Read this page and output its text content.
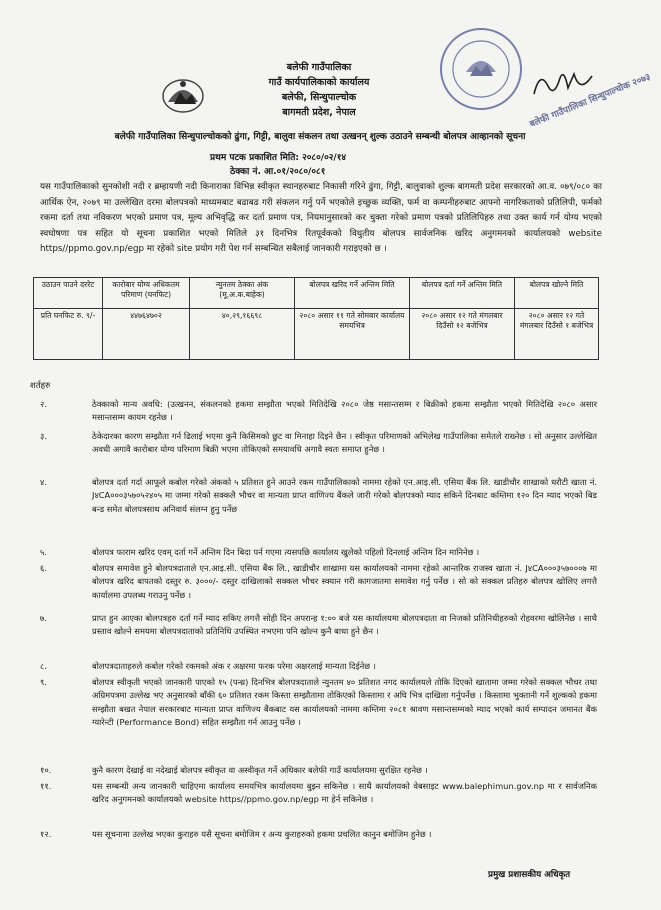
बलेफी गाउँपालिका सिन्धुपाल्चोक २०७३
बलेफी गाउँपालिका
गाउँ कार्यपालिकाको कार्यालय
बलेफी, सिन्धुपाल्चोक
बागमती प्रदेश, नेपाल
बलेफी गाउँपालिका सिन्धुपाल्चोकको ढुंगा, गिट्टी, बालुवा संकलन तथा उत्खनन् शुल्क उठाउने सम्बन्धी बोलपत्र आव्हानको सूचना
प्रथम पटक प्रकाशित मिति: २०८०/०२/१४
ठेक्का नं. आ.०१/२०८०/०८१
यस गाउँपालिकाको सुनकोशी नदी र ब्रम्हायणी नदी किनाराका विभिन्न स्वीकृत स्थानहरुबाट निकासी गरिने ढुंगा, गिट्टी, बालुवाको शुल्क बागमती प्रदेश सरकारको आ.व. ०७९/०८० का आर्थिक ऐन, २०७९ मा उल्लेखित दरमा बोलपत्रको माध्यमबाट बढाबढ गरी संकलन गर्नु पर्ने भएकोले इच्छुक व्यक्ति, फर्म वा कम्पनीहरुबाट आफ्नो नागरिकताको प्रतिलिपी, फर्मको रकमा दर्ता तथा नविकरण भएको प्रमाण पत्र, मूल्य अभिवृद्धि कर दर्ता प्रमाण पत्र, नियमानुसारको कर चुक्ता गरेको प्रमाण पत्रको प्रतिलिपिहरु तथा उक्त कार्य गर्न योग्य भएको स्वघोषणा पत्र सहित यो सूचना प्रकाशित भएको मितिले ३१ दिनभित्र रितपूर्वकको विधुतीय बोलपत्र सार्वजनिक खरिद अनुगमनको कार्यालयको website https//ppmo.gov.np/egp मा रहेको site प्रयोग गरी पेश गर्न सम्बन्धित सबैलाई जानकारी गराइएको छ ।
उठाउन पाउने दररेट	कारोबार योग्य अधिकतम परिमाण (घनफिट)	न्युनतम ठेक्का अंक (मू.अ.क.बाहेक)	बोलपत्र खरिद गर्ने अन्तिम मिति	बोलपत्र दर्ता गर्ने अन्तिम मिति	बोलपत्र खोल्ने मिति
प्रति घनफिट रु. ९/-	४४७६४७०२	४०,२९,१६६९८	२०८० असार ११ गते सोमबार कार्यालय समयभित्र	२०८० असार १२ गते मंगलबार दिउँसो १२ बजेभित्र	२०८० असार १२ गते मंगलबार दिउँसो १ बजेभित्र
शर्तहरु
२.	ठेक्काको मान्य अवधि: (उत्खनन, संकलनको हकमा सम्झौता भएको मितिदेखि २०८० जेष्ठ मसान्तसम्म र बिक्रीको हकमा सम्झौता भएको मितिदेखि २०८० असार मसान्तसम्म कायम रहनेछ ।
३.	ठेकेदारका कारण सम्झौता गर्न ढिलाई भएमा कुनै किसिमको छुट वा मिनाहा दिइने छैन । स्वीकृत परिमाणको अभिलेख गाउँपालिका समेतले राख्नेछ । सो अनुसार उल्लेखित अवधी अगावै कारोबार योग्य परिमाण बिक्री भएमा तोकिएको समयावधि अगावै स्वतः समाप्त हुनेछ ।
४.	बोलपत्र दर्ता गर्दा आफूले कबोल गरेको अंकको ५ प्रतिशत हुने आउने रकम गाउँपालिकाको नाममा रहेको एन.आइ.सी. एसिया बैंक लि. खाडीचौर शाखाको धरौटी खाता नं. J४CA०००३५७०५२४०५ मा जम्मा गरेको सक्कलै भौचर वा मान्यता प्राप्त वाणिज्य बैंकले जारी गरेको बोलपत्रको म्याद सकिने दिनबाट कम्तिमा १२० दिन म्याद भएको बिड बन्ड समेत बोलपत्रसाथ अनिवार्य संलग्न हुनु पर्नेछ
५.	बोलपत्र फाराम खरिद एवम् दर्ता गर्ने अन्तिम दिन बिदा पर्न गएमा त्यसपछि कार्यालय खुलेको पहिलो दिनलाई अन्तिम दिन मानिनेछ ।
६.	बोलपत्र समावेश हुने बोलपत्रदाताले एन.आइ.सी. एसिया बैंक लि., खाडीचौर शाखामा यस कार्यालयको नाममा रहेको आन्तरिक राजस्व खाता नं. J४CA०००३५७०००७ मा बोलपत्र खरिद बापतको दस्तुर रु. ३०००/- दस्तुर दाखिलाको सक्कल भौचर स्क्यान गरी कागजातमा समावेश गर्नु पर्नेछ । सो को सक्कल प्रतिहरु बोलपत्र खोलिए लगत्तै कार्यालमा उपलब्ध गराउनु पर्नेछ ।
७.	प्राप्त हुन आएका बोलपत्रहरु दर्ता गर्ने म्याद सकिए लगत्तै सोही दिन अपरान्ह १:०० बजे यस कार्यालयमा बोलपत्रदाता वा निजको प्रतिनिधीहरुको रोहवरमा खोलिनेछ । साथै प्रस्ताव खोल्ने समयमा बोलपत्रदाताको प्रतिनिधि उपस्थित नभएमा पनि खोल्न कुनै बाधा हुने छैन ।
८.	बोलपत्रदाताहरुले कबोल गरेको रकमको अंक र अक्षरमा फरक परेमा अक्षरलाई मान्यता दिईनेछ ।
९.	बोलपत्र स्वीकृती भएको जानकारी पाएको १५ (पन्ध्र) दिनभित्र बोलपत्रदाताले न्युनतम ४० प्रतिशत नगद कार्यालयले तोकि दिएको खातामा जम्मा गरेको सक्कल भौचर तथा अग्रिमपत्रमा उल्लेख भए अनुसारको बाँकी ६० प्रतिशत रकम किस्ता सम्झौतामा तोकिएको किस्तामा र अघि भित्र दाखिला गर्नुपर्नेछ । किस्तामा भुक्तानी गर्ने शुल्कको हकमा सम्झौता बखत नेपाल सरकारबाट मान्यता प्राप्त वाणिज्य बैंकबाट यस कार्यालयको नाममा कम्तिमा २०८१ श्रावण मसान्तसम्मको म्याद भएको कार्य सम्पादन जमानत बैंक ग्यारेन्टी (Performance Bond) सहित सम्झौता गर्न आउनु पर्नेछ ।
१०.	कुनै कारण देखाई वा नदेखाई बोलपत्र स्वीकृत वा अस्वीकृत गर्ने अधिकार बलेफी गाउँ कार्यालयमा सुरक्षित रहनेछ ।
११.	यस सम्बन्धी अन्य जानकारी चाहिएमा कार्यालय समयभित्र कार्यालयमा बुझ्न सकिनेछ । साथै कार्यालयको वेबसाइट www.balephimun.gov.np मा र सार्वजनिक खरिद अनुगमनको कार्यालयको website https//ppmo.gov.np/egp मा हेर्न सकिनेछ ।
१२.	यस सूचनामा उल्लेख भएका कुराहरु यसै सूचना बमोजिम र अन्य कुराहरुको हकमा प्रचलित कानुन बमोजिम हुनेछ ।
प्रमुख प्रशासकीय अधिकृत
